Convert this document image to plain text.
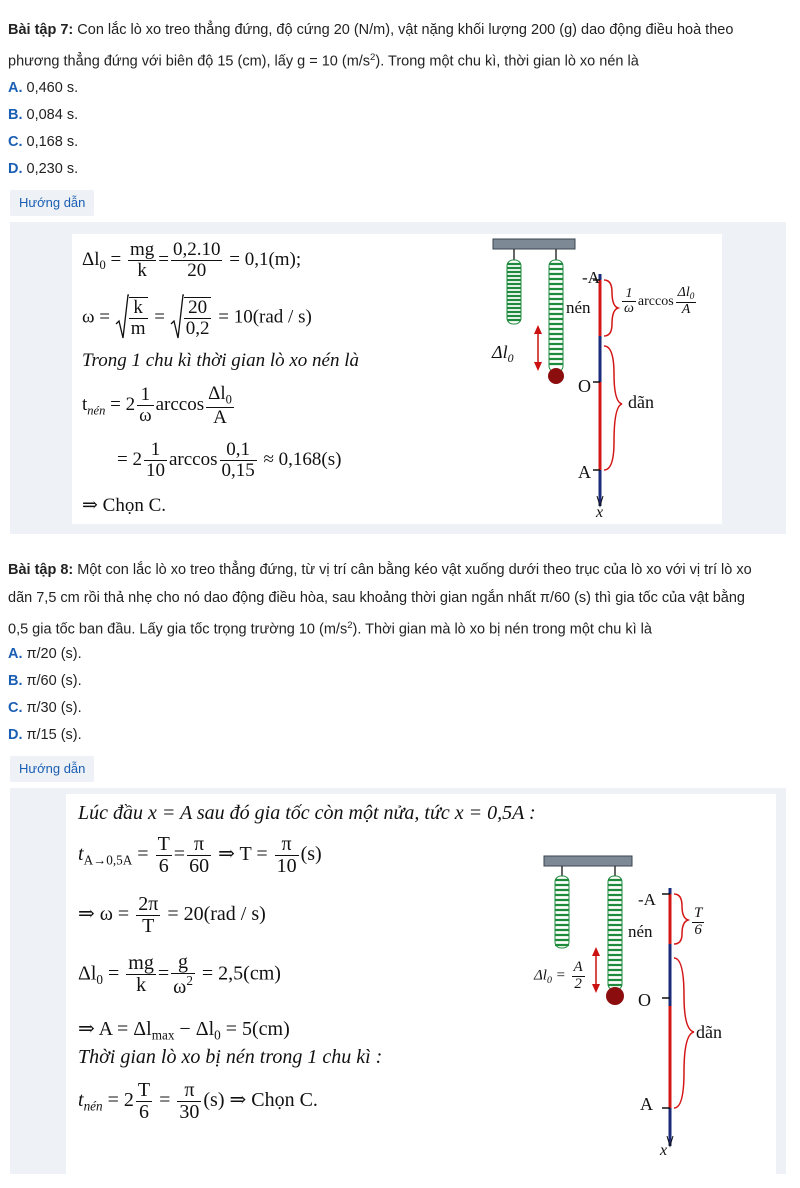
Bài tập 7: Con lắc lò xo treo thẳng đứng, độ cứng 20 (N/m), vật nặng khối lượng 200 (g) dao động điều hoà theo
phương thẳng đứng với biên độ 15 (cm), lấy g = 10 $(m/s^2)$. Trong một chu kì, thời gian lò xo nén là
A. 0,460 s.
B. 0,084 s.
C. 0,168 s.
D. 0,230 s.
Hướng dẫn
$\Delta l_0 = \frac{mg}{k} = \frac{0,2.10}{20} = 0,1(m)$;
$\omega = \frac{k}{m} = \frac{20}{0,2} = 10(rad / s)$
Trong 1 chu kì thời gian lò xo nén là
$t_{nén} = 2 \frac{1}{\omega}$ $\arccos \frac{\Delta l_0}{A}$
= $2 \frac{1}{10}$ $\arccos \frac{0,1}{0,15} \approx 0,168(s)$
⇒ Chọn C.
-A
nén $\frac{1}{\omega}$ $\arccos \frac{\Delta l_0}{A}$
$\Delta l_0$
O
dãn
A
x
Bài tập 8: Một con lắc lò xo treo thẳng đứng, từ vị trí cân bằng kéo vật xuống dưới theo trục của lò xo với vị trí lò xo
dãn 7,5 cm rồi thả nhẹ cho nó dao động điều hòa, sau khoảng thời gian ngắn nhất π/60 (s) thì gia tốc của vật bằng
0,5 gia tốc ban đầu. Lấy gia tốc trọng trường 10 $(m/s^2)$. Thời gian mà lò xo bị nén trong một chu kì là
A. π/20 (s).
B. π/60 (s).
C. π/30 (s).
D. π/15 (s).
Hướng dẫn
Lúc đầu x = A sau đó gia tốc còn một nửa, tức x = 0,5A :
$t_{A\to 0,5A} = \frac{T}{6} = \frac{\pi}{60}$ ⇒ $T = \frac{\pi}{10} (s)$
⇒ $\omega = \frac{2\pi}{T} = 20(rad / s)$
$\Delta l_0 = \frac{mg}{k} = \frac{g}{\omega^2} = 2,5(cm)$
⇒ $A = \Delta l_{max} - \Delta l_0 = 5(cm)$
Thời gian lò xo bị nén trong 1 chu kì :
$t_{nén} = 2 \frac{T}{6} = \frac{\pi}{30} (s)$ ⇒ Chọn C.
-A
nén	$\frac{T}{6}$
$\Delta l_0 = \frac{A}{2}$
O
dãn
A
x
